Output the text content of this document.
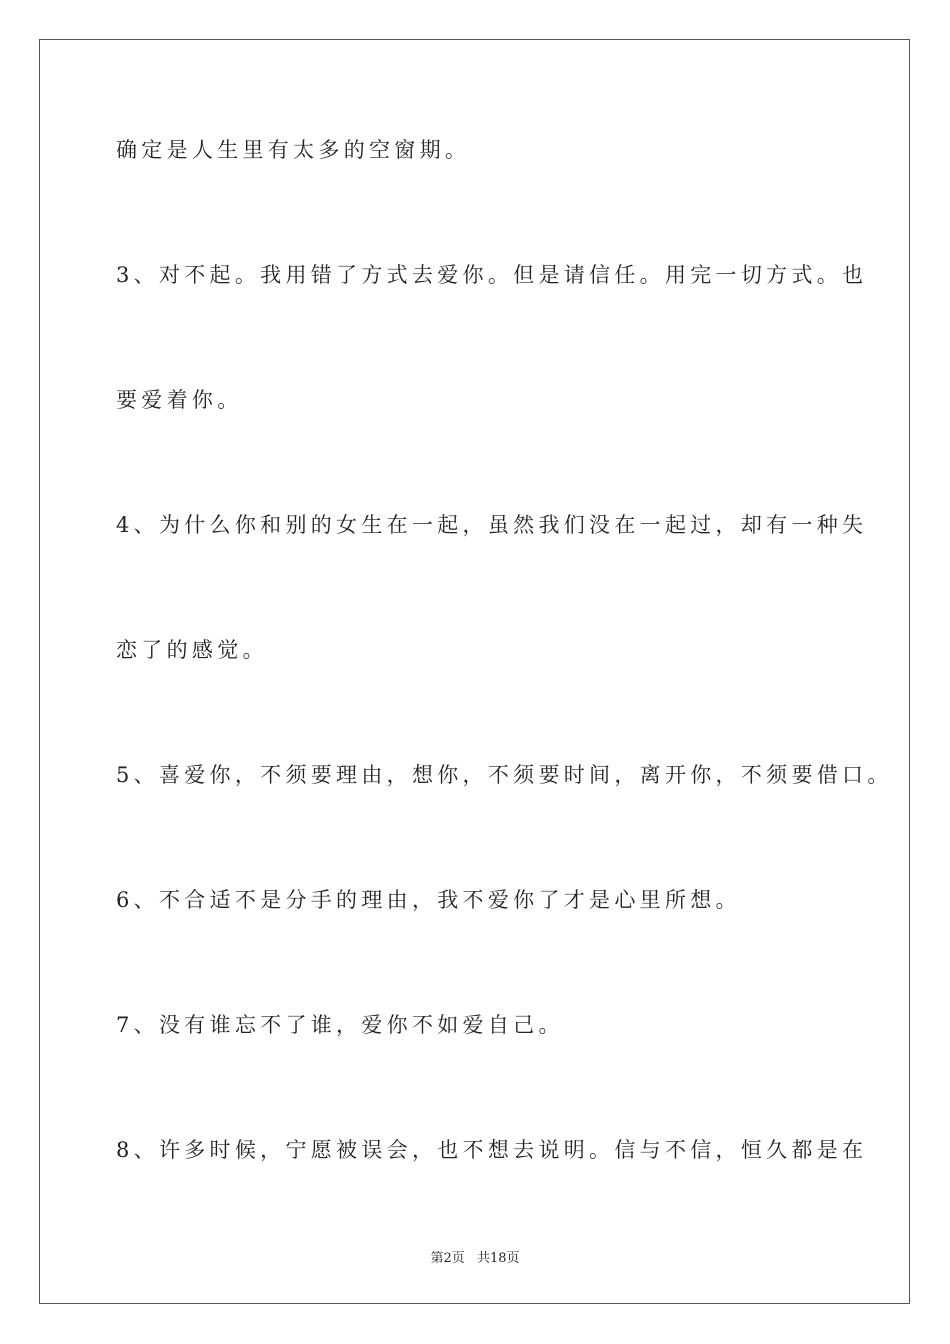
确定是人生里有太多的空窗期。
3、对不起。我用错了方式去爱你。但是请信任。用完一切方式。也
要爱着你。
4、为什么你和别的女生在一起，虽然我们没在一起过，却有一种失
恋了的感觉。
5、喜爱你，不须要理由，想你，不须要时间，离开你，不须要借口。
6、不合适不是分手的理由，我不爱你了才是心里所想。
7、没有谁忘不了谁，爱你不如爱自己。
8、许多时候，宁愿被误会，也不想去说明。信与不信，恒久都是在
第2页 共18页
